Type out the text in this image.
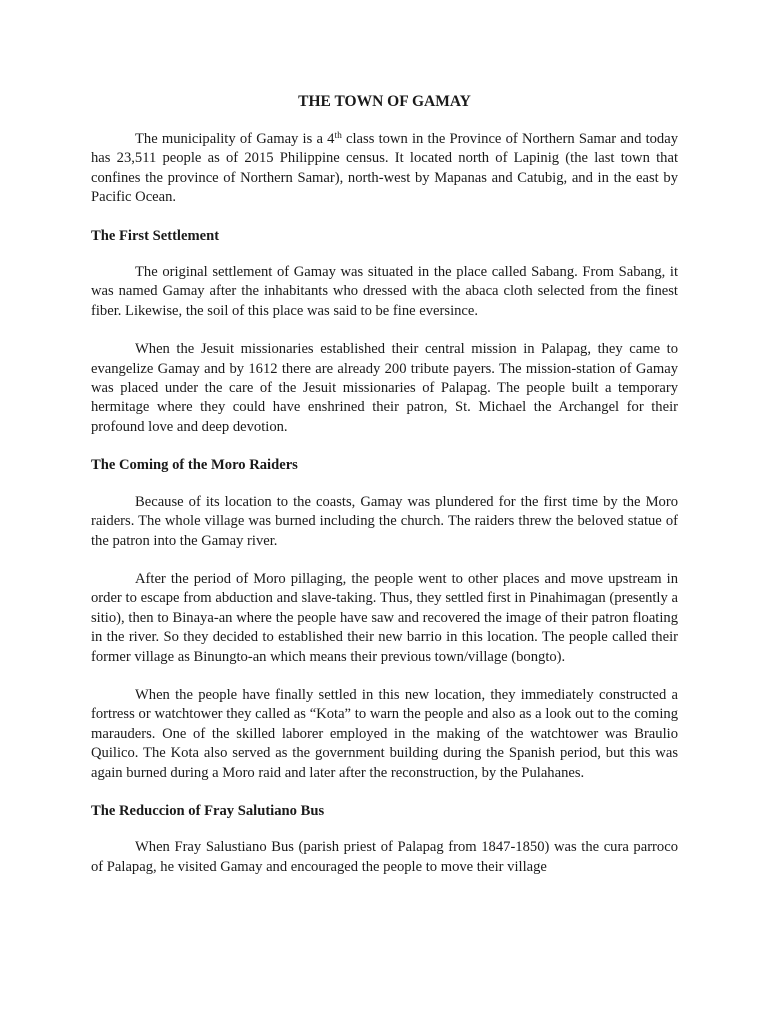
THE TOWN OF GAMAY

The municipality of Gamay is a 4th class town in the Province of Northern Samar and today has 23,511 people as of 2015 Philippine census. It located north of Lapinig (the last town that confines the province of Northern Samar), north-west by Mapanas and Catubig, and in the east by Pacific Ocean.

The First Settlement

The original settlement of Gamay was situated in the place called Sabang. From Sabang, it was named Gamay after the inhabitants who dressed with the abaca cloth selected from the finest fiber. Likewise, the soil of this place was said to be fine eversince.

When the Jesuit missionaries established their central mission in Palapag, they came to evangelize Gamay and by 1612 there are already 200 tribute payers. The mission-station of Gamay was placed under the care of the Jesuit missionaries of Palapag. The people built a temporary hermitage where they could have enshrined their patron, St. Michael the Archangel for their profound love and deep devotion.

The Coming of the Moro Raiders

Because of its location to the coasts, Gamay was plundered for the first time by the Moro raiders. The whole village was burned including the church. The raiders threw the beloved statue of the patron into the Gamay river.

After the period of Moro pillaging, the people went to other places and move upstream in order to escape from abduction and slave-taking. Thus, they settled first in Pinahimagan (presently a sitio), then to Binaya-an where the people have saw and recovered the image of their patron floating in the river. So they decided to established their new barrio in this location. The people called their former village as Binungto-an which means their previous town/village (bongto).

When the people have finally settled in this new location, they immediately constructed a fortress or watchtower they called as “Kota” to warn the people and also as a look out to the coming marauders. One of the skilled laborer employed in the making of the watchtower was Braulio Quilico. The Kota also served as the government building during the Spanish period, but this was again burned during a Moro raid and later after the reconstruction, by the Pulahanes.

The Reduccion of Fray Salutiano Bus

When Fray Salustiano Bus (parish priest of Palapag from 1847-1850) was the cura parroco of Palapag, he visited Gamay and encouraged the people to move their village
